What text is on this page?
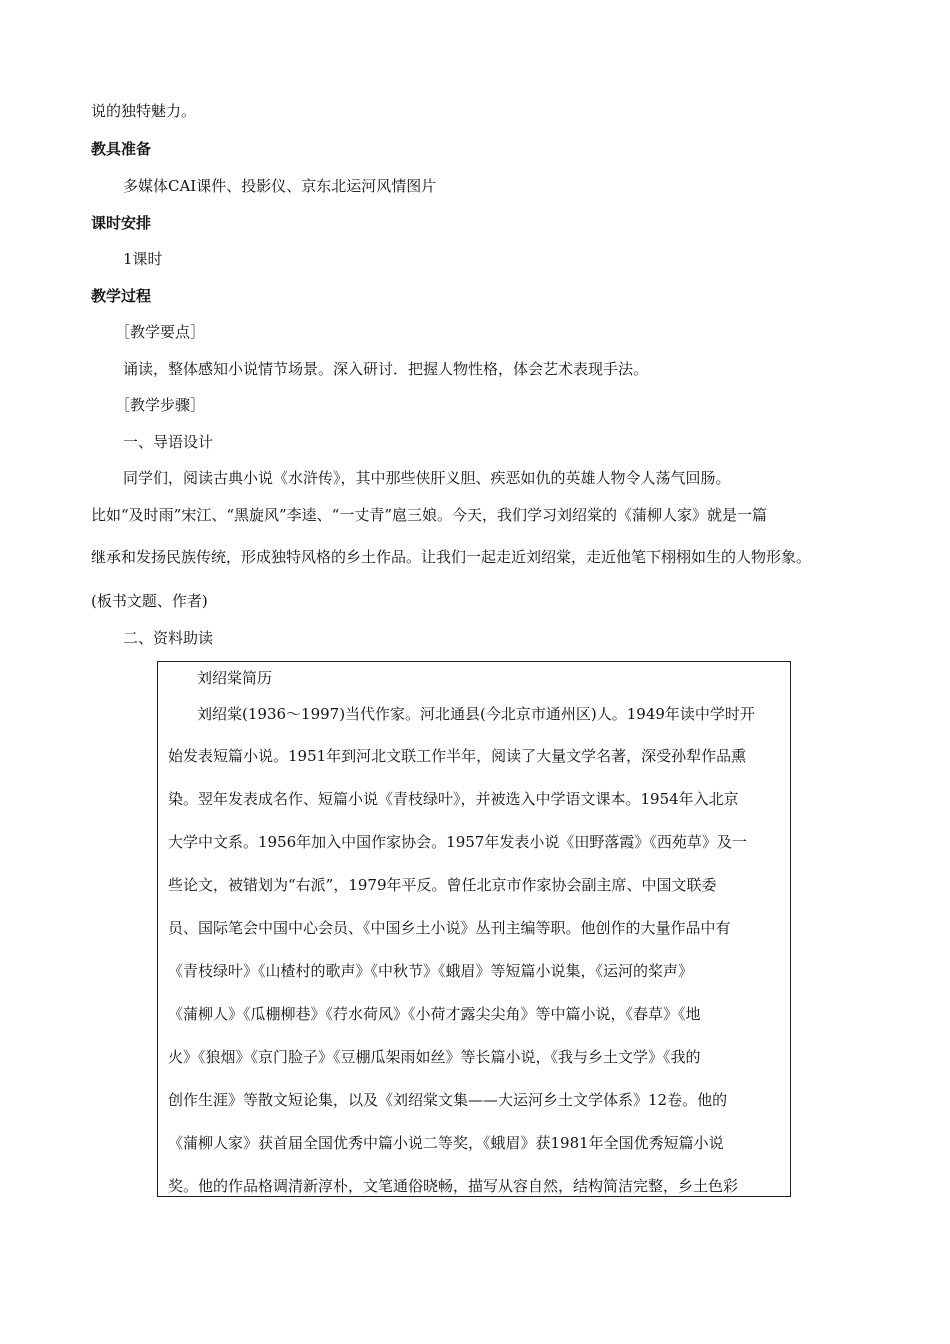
说的独特魅力。

教具准备

多媒体CAI课件、投影仪、京东北运河风情图片

课时安排

1课时

教学过程

［教学要点］

诵读，整体感知小说情节场景。深入研讨．把握人物性格，体会艺术表现手法。

［教学步骤］

一、导语设计

同学们，阅读古典小说《水浒传》，其中那些侠肝义胆、疾恶如仇的英雄人物令人荡气回肠。

比如“及时雨”宋江、“黑旋风”李逵、“一丈青”扈三娘。今天，我们学习刘绍棠的《蒲柳人家》就是一篇

继承和发扬民族传统，形成独特风格的乡土作品。让我们一起走近刘绍棠，走近他笔下栩栩如生的人物形象。

(板书文题、作者)

二、资料助读

刘绍棠简历

刘绍棠(1936～1997)当代作家。河北通县(今北京市通州区)人。1949年读中学时开

始发表短篇小说。1951年到河北文联工作半年，阅读了大量文学名著，深受孙犁作品熏

染。翌年发表成名作、短篇小说《青枝绿叶》，并被选入中学语文课本。1954年入北京

大学中文系。1956年加入中国作家协会。1957年发表小说《田野落霞》《西苑草》及一

些论文，被错划为“右派”，1979年平反。曾任北京市作家协会副主席、中国文联委

员、国际笔会中国中心会员、《中国乡土小说》丛刊主编等职。他创作的大量作品中有

《青枝绿叶》《山楂村的歌声》《中秋节》《蛾眉》等短篇小说集，《运河的桨声》

《蒲柳人》《瓜棚柳巷》《荇水荷风》《小荷才露尖尖角》等中篇小说，《春草》《地

火》《狼烟》《京门脸子》《豆棚瓜架雨如丝》等长篇小说，《我与乡土文学》《我的

创作生涯》等散文短论集，以及《刘绍棠文集——大运河乡土文学体系》12卷。他的

《蒲柳人家》获首届全国优秀中篇小说二等奖，《蛾眉》获1981年全国优秀短篇小说

奖。他的作品格调清新淳朴，文笔通俗晓畅，描写从容自然，结构简洁完整，乡土色彩
